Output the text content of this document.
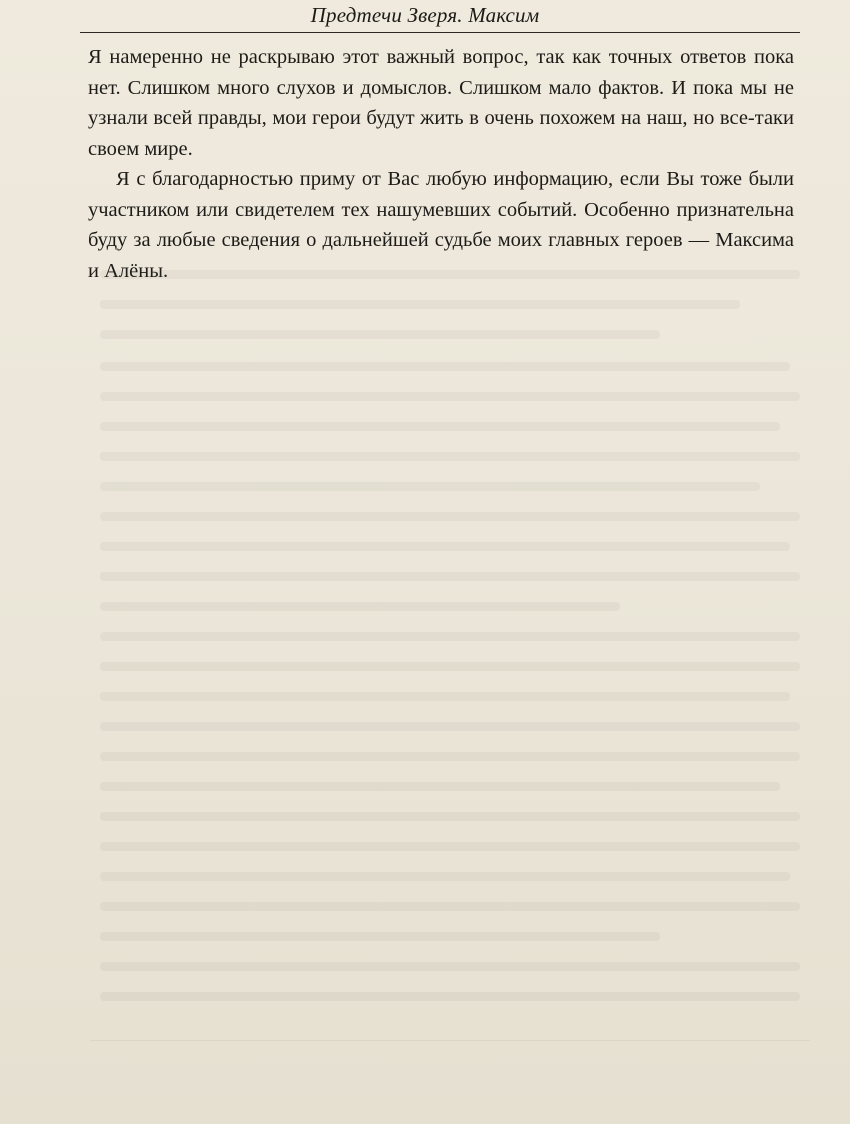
Предтечи Зверя. Максим

Я намеренно не раскрываю этот важный вопрос, так как точных ответов пока нет. Слишком много слухов и домыслов. Слишком мало фактов. И пока мы не узнали всей правды, мои герои будут жить в очень похожем на наш, но все-таки своем мире.

Я с благодарностью приму от Вас любую информацию, если Вы тоже были участником или свидетелем тех нашумевших событий. Особенно признательна буду за любые сведения о дальнейшей судьбе моих главных героев — Максима и Алёны.
